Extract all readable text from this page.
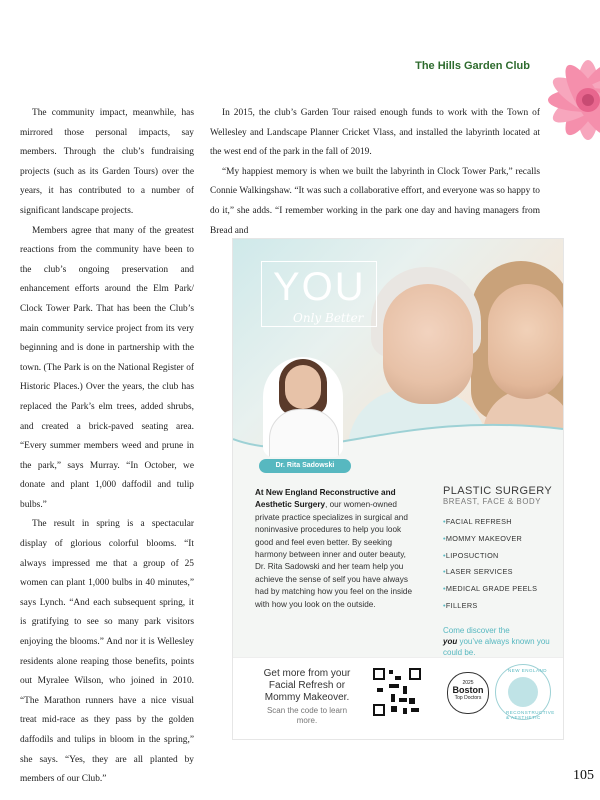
The Hills Garden Club

The community impact, meanwhile, has mirrored those personal impacts, say members. Through the club’s fundraising projects (such as its Garden Tours) over the years, it has contributed to a number of significant landscape projects.

Members agree that many of the greatest reactions from the community have been to the club’s ongoing preservation and enhancement efforts around the Elm Park/ Clock Tower Park. That has been the Club’s main community service project from its very beginning and is done in partnership with the town. (The Park is on the National Register of Historic Places.) Over the years, the club has replaced the Park’s elm trees, added shrubs, and created a brick-paved seating area. “Every summer members weed and prune in the park,” says Murray. “In October, we donate and plant 1,000 daffodil and tulip bulbs.”

The result in spring is a spectacular display of glorious colorful blooms. “It always impressed me that a group of 25 women can plant 1,000 bulbs in 40 minutes,” says Lynch. “And each subsequent spring, it is gratifying to see so many park visitors enjoying the blooms.” And nor it is Wellesley residents alone reaping those benefits, points out Myralee Wilson, who joined in 2010. “The Marathon runners have a nice visual treat mid-race as they pass by the golden daffodils and tulips in bloom in the spring,” she says. “Yes, they are all planted by members of our Club.”

In 2015, the club’s Garden Tour raised enough funds to work with the Town of Wellesley and Landscape Planner Cricket Vlass, and installed the labyrinth located at the west end of the park in the fall of 2019.

“My happiest memory is when we built the labyrinth in Clock Tower Park,” recalls Connie Walkingshaw. “It was such a collaborative effort, and everyone was so happy to do it,” she adds. “I remember working in the park one day and having managers from Bread and

YOU
Only Better
Dr. Rita Sadowski
At New England Reconstructive and Aesthetic Surgery, our women-owned private practice specializes in surgical and noninvasive procedures to help you look good and feel even better. By seeking harmony between inner and outer beauty, Dr. Rita Sadowski and her team help you achieve the sense of self you have always had by matching how you feel on the inside with how you look on the outside.
PLASTIC SURGERY
BREAST, FACE & BODY
• FACIAL REFRESH
• MOMMY MAKEOVER
• LIPOSUCTION
• LASER SERVICES
• MEDICAL GRADE PEELS
• FILLERS
Come discover the
you you’ve always known you could be.
Get more from your Facial Refresh or Mommy Makeover.
Scan the code to learn more.
2025
Boston
Top Doctors
NEW ENGLAND
RECONSTRUCTIVE & AESTHETIC
105
